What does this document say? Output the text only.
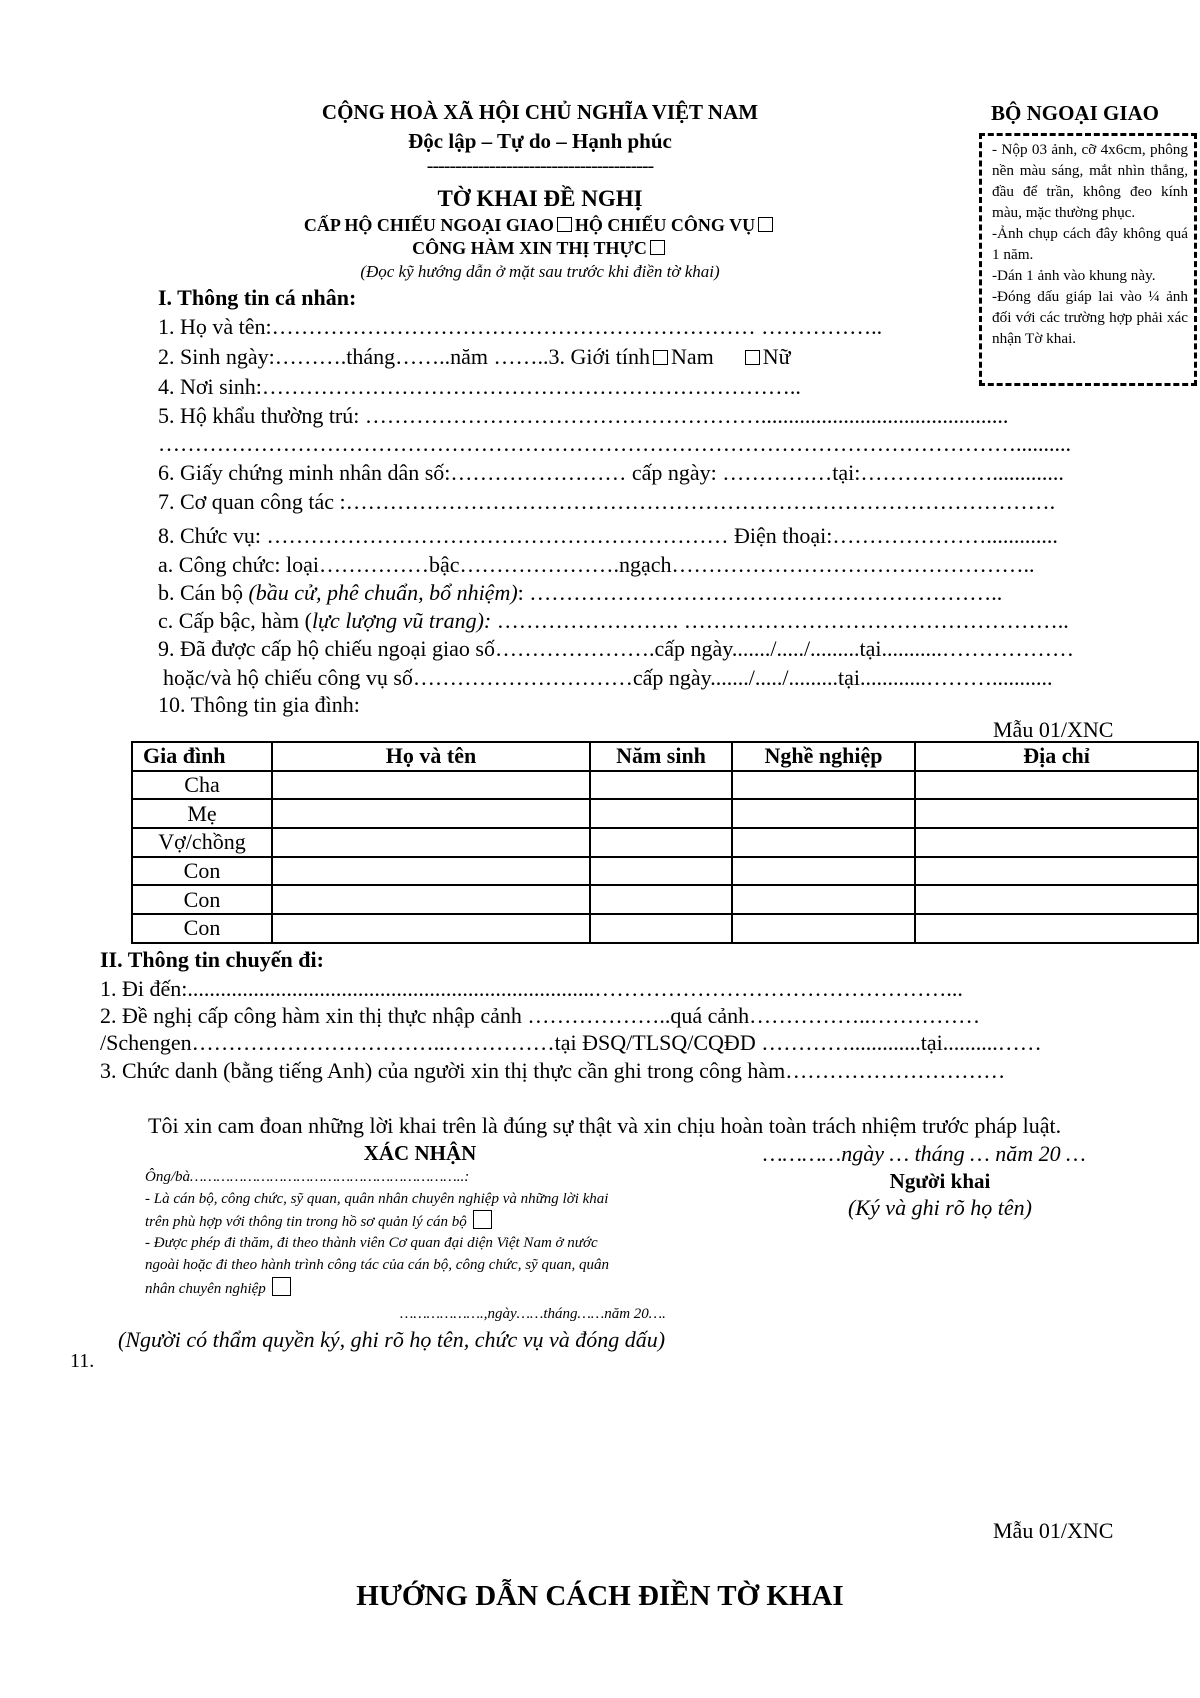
CỘNG HOÀ XÃ HỘI CHỦ NGHĨA VIỆT NAM
Độc lập – Tự do – Hạnh phúc
----------------------------------------
BỘ NGOẠI GIAO
- Nộp 03 ảnh, cỡ 4x6cm, phông nền màu sáng, mắt nhìn thẳng, đầu để trần, không đeo kính màu, mặc thường phục.
-Ảnh chụp cách đây không quá 1 năm.
-Dán 1 ảnh vào khung này.
-Đóng dấu giáp lai vào ¼ ảnh đối với các trường hợp phải xác nhận Tờ khai.
TỜ KHAI ĐỀ NGHỊ
CẤP HỘ CHIẾU NGOẠI GIAO HỘ CHIẾU CÔNG VỤ
CÔNG HÀM XIN THỊ THỰC
(Đọc kỹ hướng dẫn ở mặt sau trước khi điền tờ khai)
I. Thông tin cá nhân:
1. Họ và tên:………………………………………………………… ……………..
2. Sinh ngày:……….tháng……..năm ……..3. Giới tính Nam Nữ
4. Nơi sinh:………………………………………………………………..
5. Hộ khẩu thường trú: ……………………………………………….............................................
………………………………………………………………………………………………………..........
6. Giấy chứng minh nhân dân số:…………………… cấp ngày: ……………tại:……………….............
7. Cơ quan công tác :…………………………………………………………………………………….
8. Chức vụ: ……………………………………………………… Điện thoại:………………….............
a. Công chức: loại……………bậc………………….ngạch…………………………………………..
b. Cán bộ (bầu cử, phê chuẩn, bổ nhiệm): ………………………………………………………..
c. Cấp bậc, hàm (lực lượng vũ trang): ……………………. ……………………………………………..
9. Đã được cấp hộ chiếu ngoại giao số………………….cấp ngày......./...../.........tại...........………………
hoặc/và hộ chiếu công vụ số…………………………cấp ngày......./...../.........tại............………...........
10. Thông tin gia đình:
Mẫu 01/XNC
Gia đình	Họ và tên	Năm sinh	Nghề nghiệp	Địa chỉ
Cha				
Mẹ				
Vợ/chồng				
Con				
Con				
Con				
II. Thông tin chuyến đi:
1. Đi đến:..........................................................................…………………………………………...
2. Đề nghị cấp công hàm xin thị thực nhập cảnh ………………..quá cảnh……………..……………
/Schengen……………………………..……………tại ĐSQ/TLSQ/CQĐD ………….............tại..........……
3. Chức danh (bằng tiếng Anh) của người xin thị thực cần ghi trong công hàm…………………………
Tôi xin cam đoan những lời khai trên là đúng sự thật và xin chịu hoàn toàn trách nhiệm trước pháp luật.
XÁC NHẬN
Ông/bà……………………………………………………..:
- Là cán bộ, công chức, sỹ quan, quân nhân chuyên nghiệp và những lời khai
trên phù hợp với thông tin trong hồ sơ quản lý cán bộ
- Được phép đi thăm, đi theo thành viên Cơ quan đại diện Việt Nam ở nước
ngoài hoặc đi theo hành trình công tác của cán bộ, công chức, sỹ quan, quân
nhân chuyên nghiệp
……………….,ngày……tháng……năm 20….
(Người có thẩm quyền ký, ghi rõ họ tên, chức vụ và đóng dấu)
…………ngày … tháng … năm 20 …
Người khai
(Ký và ghi rõ họ tên)
11.
Mẫu 01/XNC
HƯỚNG DẪN CÁCH ĐIỀN TỜ KHAI
